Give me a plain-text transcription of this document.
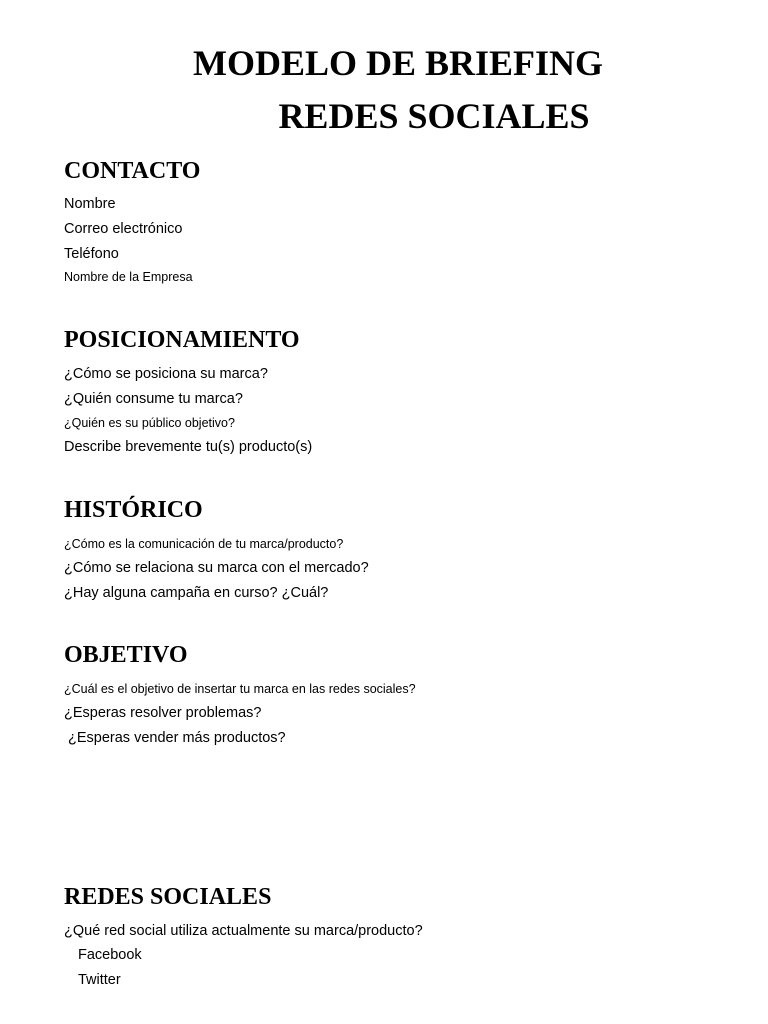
MODELO DE BRIEFING
REDES SOCIALES
CONTACTO

Nombre

Correo electrónico

Teléfono

Nombre de la Empresa

POSICIONAMIENTO

¿Cómo se posiciona su marca?

¿Quién consume tu marca?

¿Quién es su público objetivo?

Describe brevemente tu(s) producto(s)

HISTÓRICO

¿Cómo es la comunicación de tu marca/producto?

¿Cómo se relaciona su marca con el mercado?

¿Hay alguna campaña en curso? ¿Cuál?

OBJETIVO

¿Cuál es el objetivo de insertar tu marca en las redes sociales?

¿Esperas resolver problemas?

¿Esperas vender más productos?

REDES SOCIALES

¿Qué red social utiliza actualmente su marca/producto?

Facebook

Twitter
